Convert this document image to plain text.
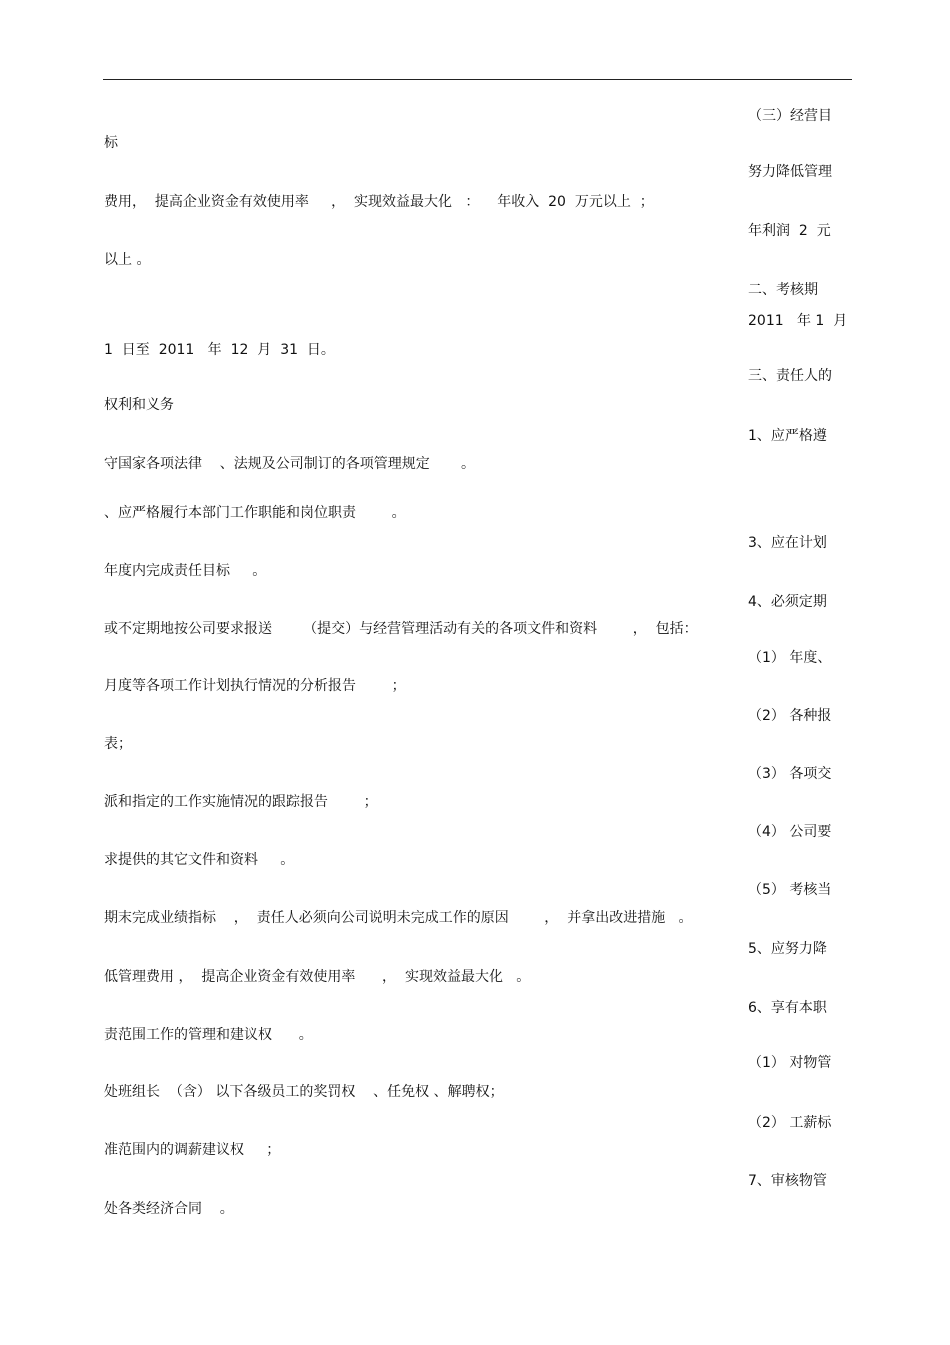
（三）经营目
标
努力降低管理
费用，  提高企业资金有效使用率     ，  实现效益最大化   ：    年收入  20  万元以上  ；
年利润  2  元
以上 。
二、考核期
2011   年 1  月
1  日至  2011   年  12  月  31  日。
三、责任人的
权利和义务
1、应严格遵
守国家各项法律    、法规及公司制订的各项管理规定       。
、应严格履行本部门工作职能和岗位职责        。
3、应在计划
年度内完成责任目标     。
4、必须定期
或不定期地按公司要求报送       （提交）与经营管理活动有关的各项文件和资料        ，  包括：
（1） 年度、
月度等各项工作计划执行情况的分析报告        ；
（2） 各种报
表；
（3） 各项交
派和指定的工作实施情况的跟踪报告        ；
（4） 公司要
求提供的其它文件和资料     。
（5） 考核当
期末完成业绩指标    ，  责任人必须向公司说明未完成工作的原因        ，  并拿出改进措施   。
5、应努力降
低管理费用 ，  提高企业资金有效使用率      ，  实现效益最大化   。
6、享有本职
责范围工作的管理和建议权      。
（1） 对物管
处班组长  （含） 以下各级员工的奖罚权    、任免权 、解聘权；
（2） 工薪标
准范围内的调薪建议权     ；
7、审核物管
处各类经济合同    。
